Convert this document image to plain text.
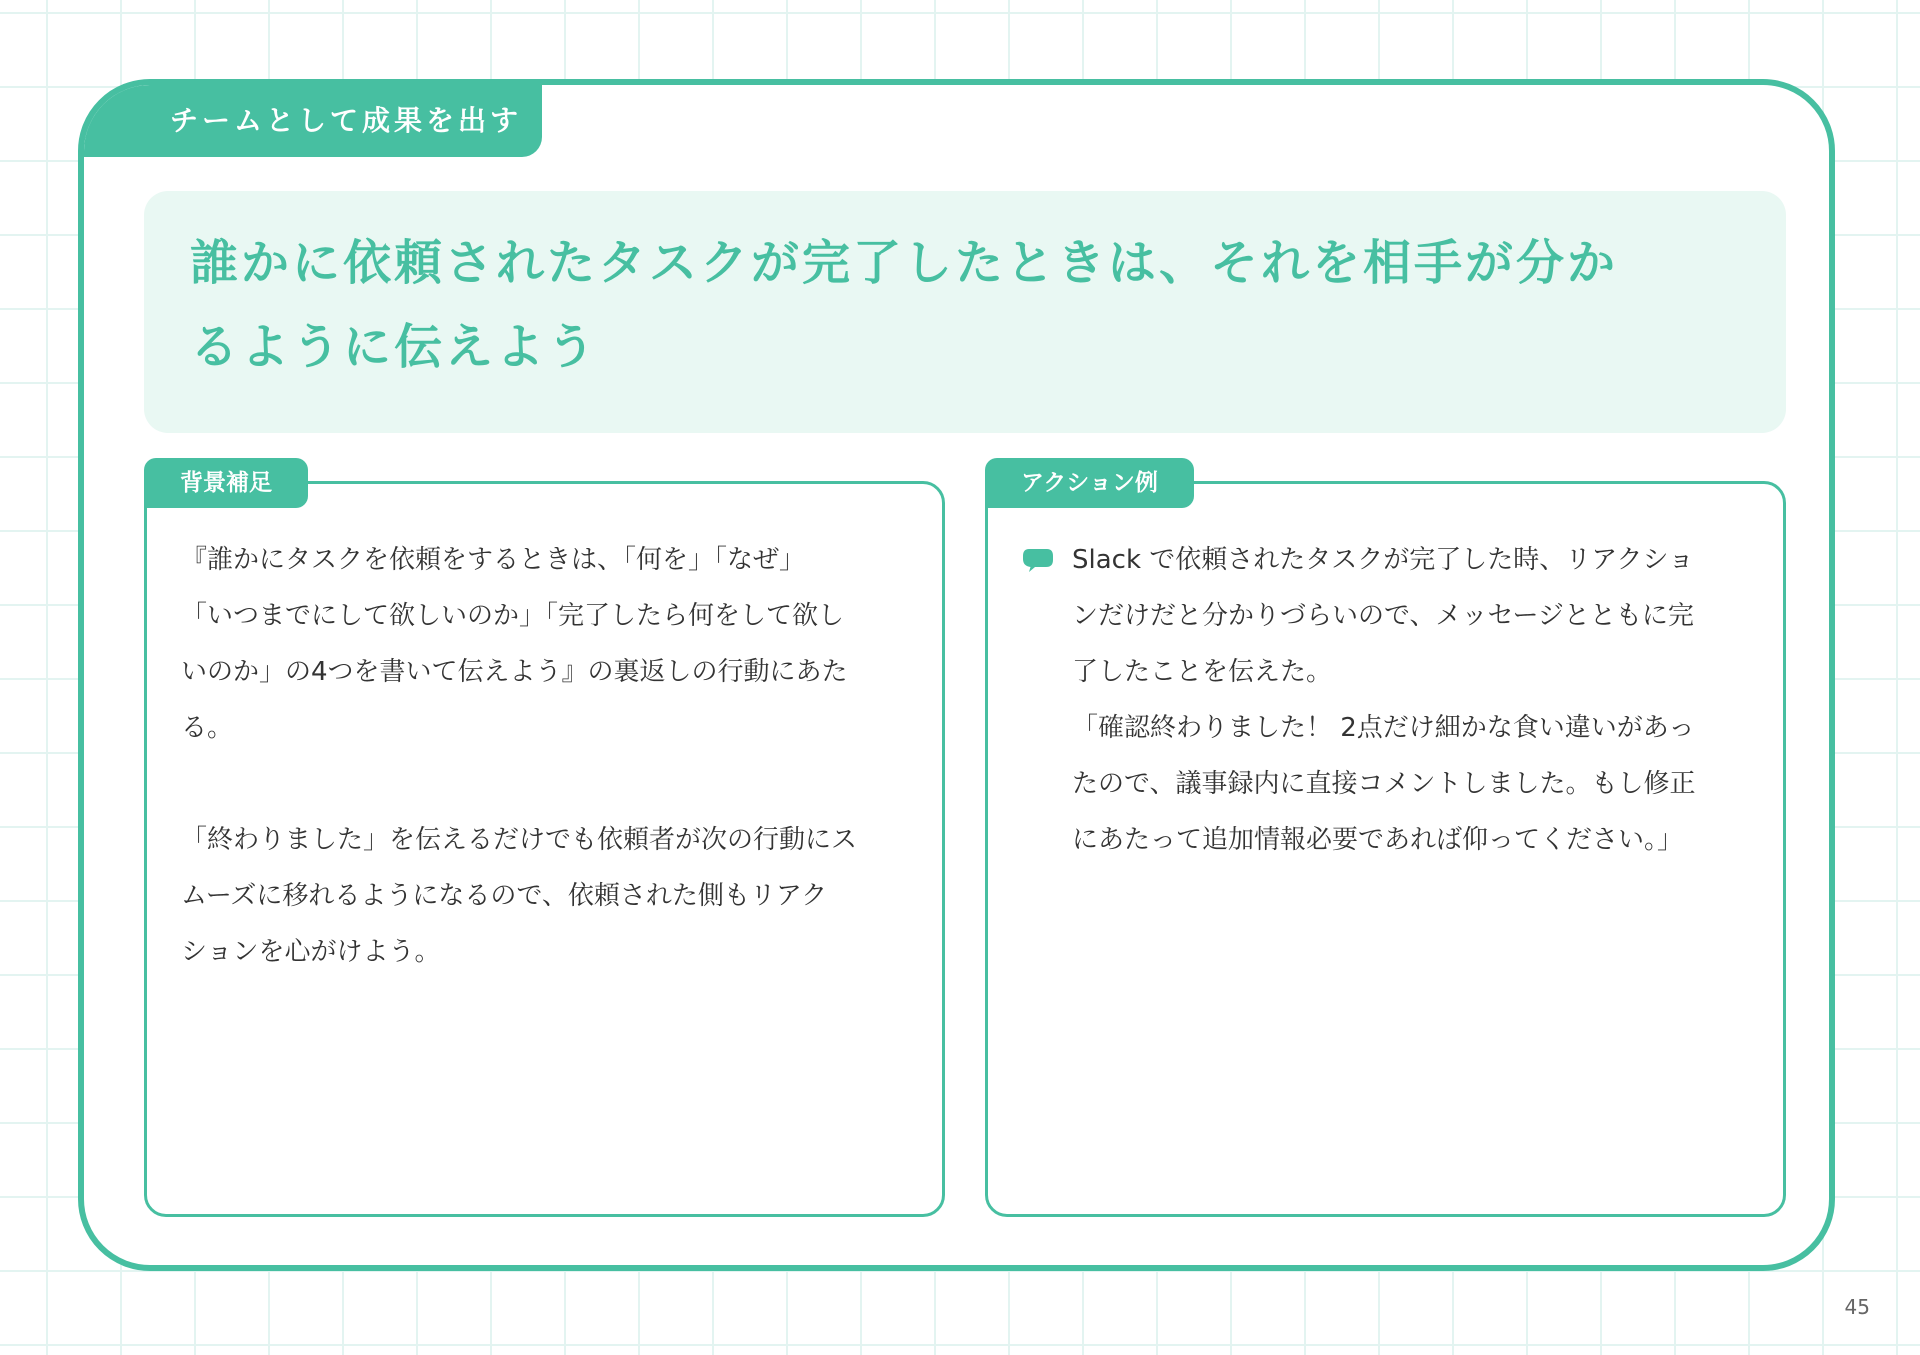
チームとして成果を出す
誰かに依頼されたタスクが完了したときは、それを相手が分か
るように伝えよう
背景補足

『誰かにタスクを依頼をするときは、「何を」「なぜ」

「いつまでにして欲しいのか」「完了したら何をして欲し

いのか」の4つを書いて伝えよう』の裏返しの行動にあた

る。

「終わりました」を伝えるだけでも依頼者が次の行動にス

ムーズに移れるようになるので、依頼された側もリアク

ションを心がけよう。

アクション例

Slack で依頼されたタスクが完了した時、リアクショ

ンだけだと分かりづらいので、メッセージとともに完

了したことを伝えた。

「確認終わりました！ 2点だけ細かな食い違いがあっ

たので、議事録内に直接コメントしました。もし修正

にあたって追加情報必要であれば仰ってください。」

45
